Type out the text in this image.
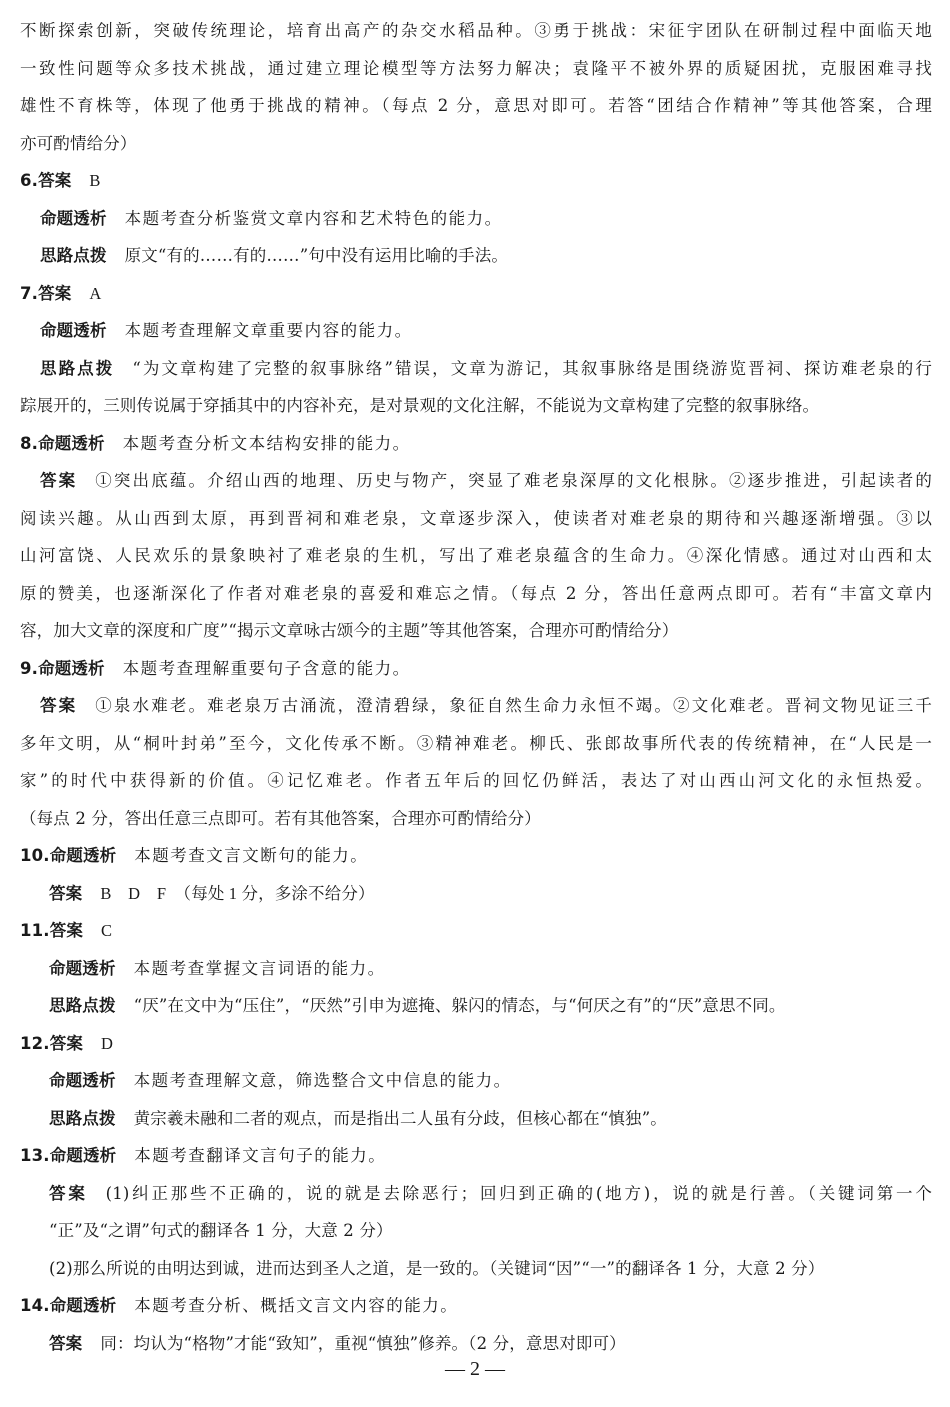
不断探索创新，突破传统理论，培育出高产的杂交水稻品种。③勇于挑战：宋征宇团队在研制过程中面临天地
一致性问题等众多技术挑战，通过建立理论模型等方法努力解决；袁隆平不被外界的质疑困扰，克服困难寻找
雄性不育株等，体现了他勇于挑战的精神。（每点 2 分，意思对即可。若答“团结合作精神”等其他答案，合理
亦可酌情给分）
6.答案 B
命题透析 本题考查分析鉴赏文章内容和艺术特色的能力。
思路点拨 原文“有的……有的……”句中没有运用比喻的手法。
7.答案 A
命题透析 本题考查理解文章重要内容的能力。
思路点拨 “为文章构建了完整的叙事脉络”错误，文章为游记，其叙事脉络是围绕游览晋祠、探访难老泉的行
踪展开的，三则传说属于穿插其中的内容补充，是对景观的文化注解，不能说为文章构建了完整的叙事脉络。
8.命题透析 本题考查分析文本结构安排的能力。
答案 ①突出底蕴。介绍山西的地理、历史与物产，突显了难老泉深厚的文化根脉。②逐步推进，引起读者的
阅读兴趣。从山西到太原，再到晋祠和难老泉，文章逐步深入，使读者对难老泉的期待和兴趣逐渐增强。③以
山河富饶、人民欢乐的景象映衬了难老泉的生机，写出了难老泉蕴含的生命力。④深化情感。通过对山西和太
原的赞美，也逐渐深化了作者对难老泉的喜爱和难忘之情。（每点 2 分，答出任意两点即可。若有“丰富文章内
容，加大文章的深度和广度”“揭示文章咏古颂今的主题”等其他答案，合理亦可酌情给分）
9.命题透析 本题考查理解重要句子含意的能力。
答案 ①泉水难老。难老泉万古涌流，澄清碧绿，象征自然生命力永恒不竭。②文化难老。晋祠文物见证三千
多年文明，从“桐叶封弟”至今，文化传承不断。③精神难老。柳氏、张郎故事所代表的传统精神，在“人民是一
家”的时代中获得新的价值。④记忆难老。作者五年后的回忆仍鲜活，表达了对山西山河文化的永恒热爱。
（每点 2 分，答出任意三点即可。若有其他答案，合理亦可酌情给分）
10.命题透析 本题考查文言文断句的能力。
答案 B　D　F　（每处 1 分，多涂不给分）
11.答案 C
命题透析 本题考查掌握文言词语的能力。
思路点拨 “厌”在文中为“压住”，“厌然”引申为遮掩、躲闪的情态，与“何厌之有”的“厌”意思不同。
12.答案 D
命题透析 本题考查理解文意，筛选整合文中信息的能力。
思路点拨 黄宗羲未融和二者的观点，而是指出二人虽有分歧，但核心都在“慎独”。
13.命题透析 本题考查翻译文言句子的能力。
答案 (1)纠正那些不正确的，说的就是去除恶行；回归到正确的(地方)，说的就是行善。（关键词第一个
“正”及“之谓”句式的翻译各 1 分，大意 2 分）
(2)那么所说的由明达到诚，进而达到圣人之道，是一致的。（关键词“因”“一”的翻译各 1 分，大意 2 分）
14.命题透析 本题考查分析、概括文言文内容的能力。
答案 同：均认为“格物”才能“致知”，重视“慎独”修养。（2 分，意思对即可）
— 2 —
